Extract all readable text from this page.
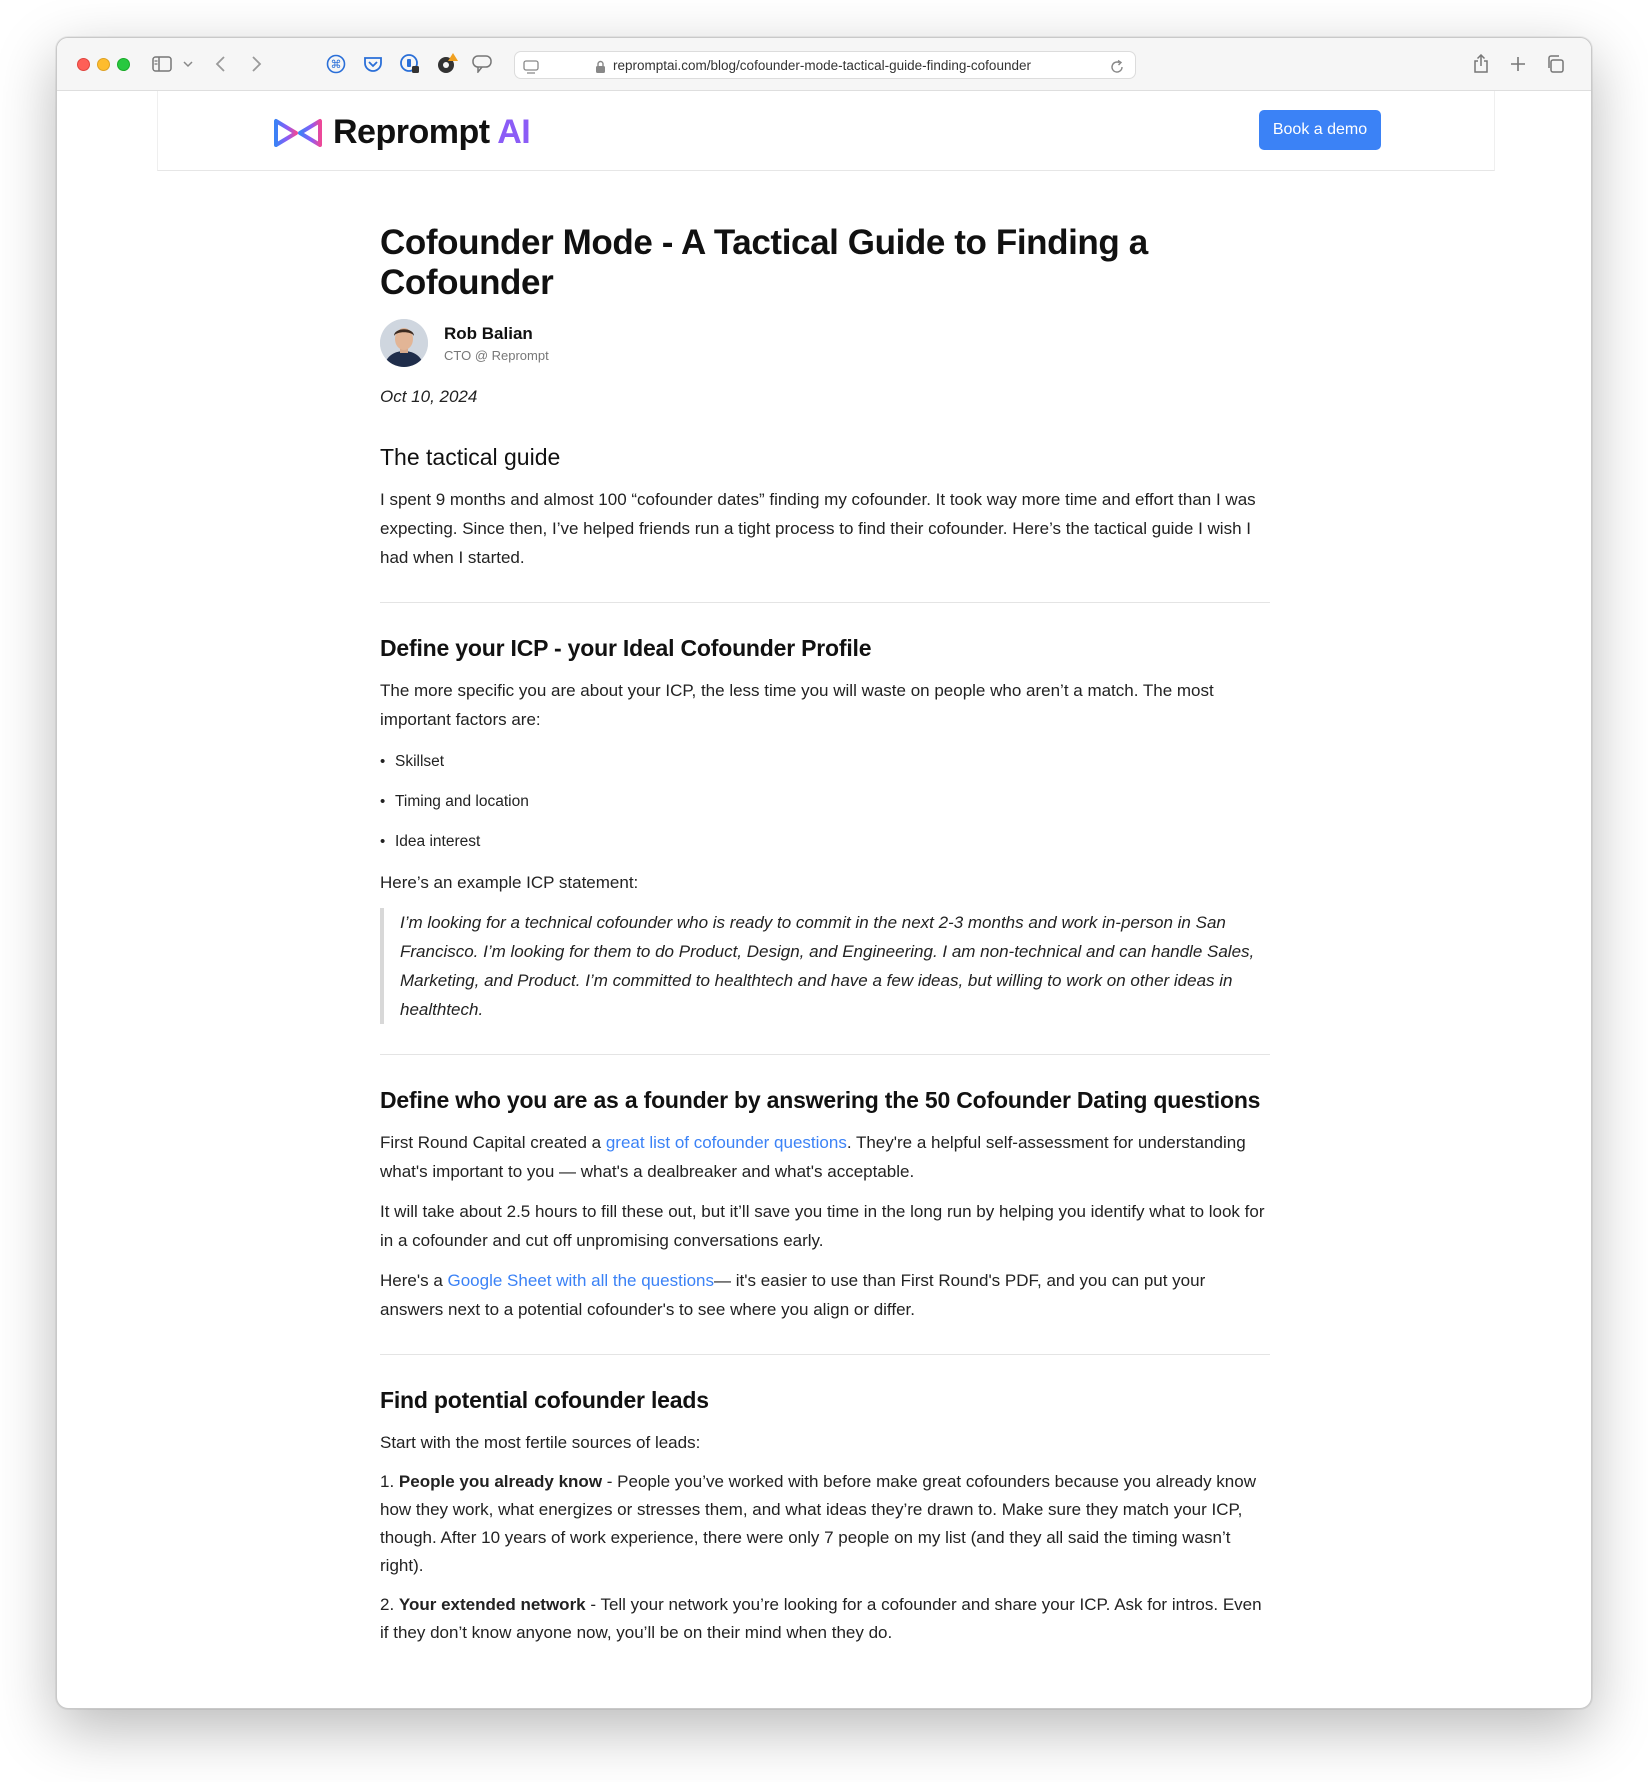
⌘	repromptai.com/blog/cofounder-mode-tactical-guide-finding-cofounder
Reprompt AI	Book a demo
Cofounder Mode - A Tactical Guide to Finding a Cofounder
Rob Balian
CTO @ Reprompt
Oct 10, 2024
The tactical guide

I spent 9 months and almost 100 “cofounder dates” finding my cofounder. It took way more time and effort than I was expecting. Since then, I’ve helped friends run a tight process to find their cofounder. Here’s the tactical guide I wish I had when I started.

Define your ICP - your Ideal Cofounder Profile

The more specific you are about your ICP, the less time you will waste on people who aren’t a match. The most important factors are:

• Skillset
• Timing and location
• Idea interest

Here’s an example ICP statement:

I’m looking for a technical cofounder who is ready to commit in the next 2-3 months and work in-person in San Francisco. I’m looking for them to do Product, Design, and Engineering. I am non-technical and can handle Sales, Marketing, and Product. I’m committed to healthtech and have a few ideas, but willing to work on other ideas in healthtech.
Define who you are as a founder by answering the 50 Cofounder Dating questions

First Round Capital created a great list of cofounder questions. They're a helpful self-assessment for understanding what's important to you — what's a dealbreaker and what's acceptable.

It will take about 2.5 hours to fill these out, but it’ll save you time in the long run by helping you identify what to look for in a cofounder and cut off unpromising conversations early.

Here's a Google Sheet with all the questions— it's easier to use than First Round's PDF, and you can put your answers next to a potential cofounder's to see where you align or differ.

Find potential cofounder leads

Start with the most fertile sources of leads:

1. People you already know - People you’ve worked with before make great cofounders because you already know how they work, what energizes or stresses them, and what ideas they’re drawn to. Make sure they match your ICP, though. After 10 years of work experience, there were only 7 people on my list (and they all said the timing wasn’t right).

2. Your extended network - Tell your network you’re looking for a cofounder and share your ICP. Ask for intros. Even if they don’t know anyone now, you’ll be on their mind when they do.
